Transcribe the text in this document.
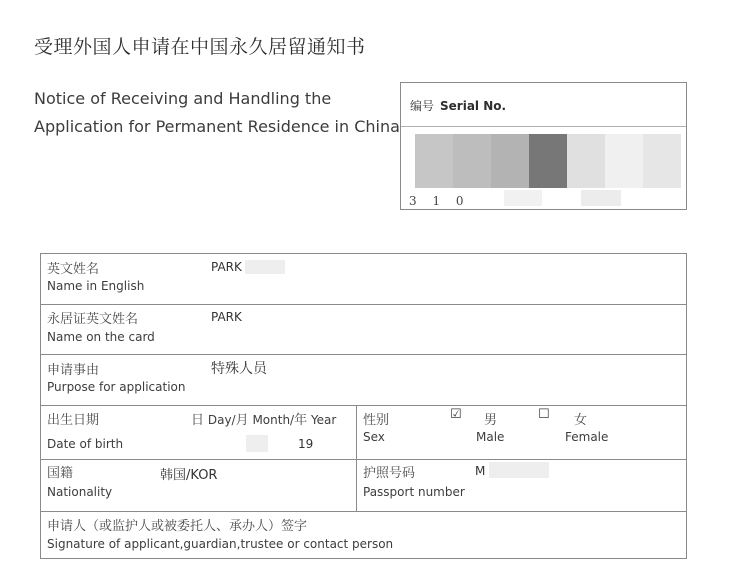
受理外国人申请在中国永久居留通知书
Notice of Receiving and Handling the
Application for Permanent Residence in China
编号 Serial No.
3 1 0
英文姓名
Name in English
PARK
永居证英文姓名
Name on the card
PARK
申请事由
Purpose for application
特殊人员
出生日期
Date of birth
日 Day/月 Month/年 Year
19
性别
Sex
☑ 男
Male
☐ 女
Female
国籍
Nationality
韩国/KOR	护照号码
Passport number
M
申请人（或监护人或被委托人、承办人）签字
Signature of applicant,guardian,trustee or contact person
